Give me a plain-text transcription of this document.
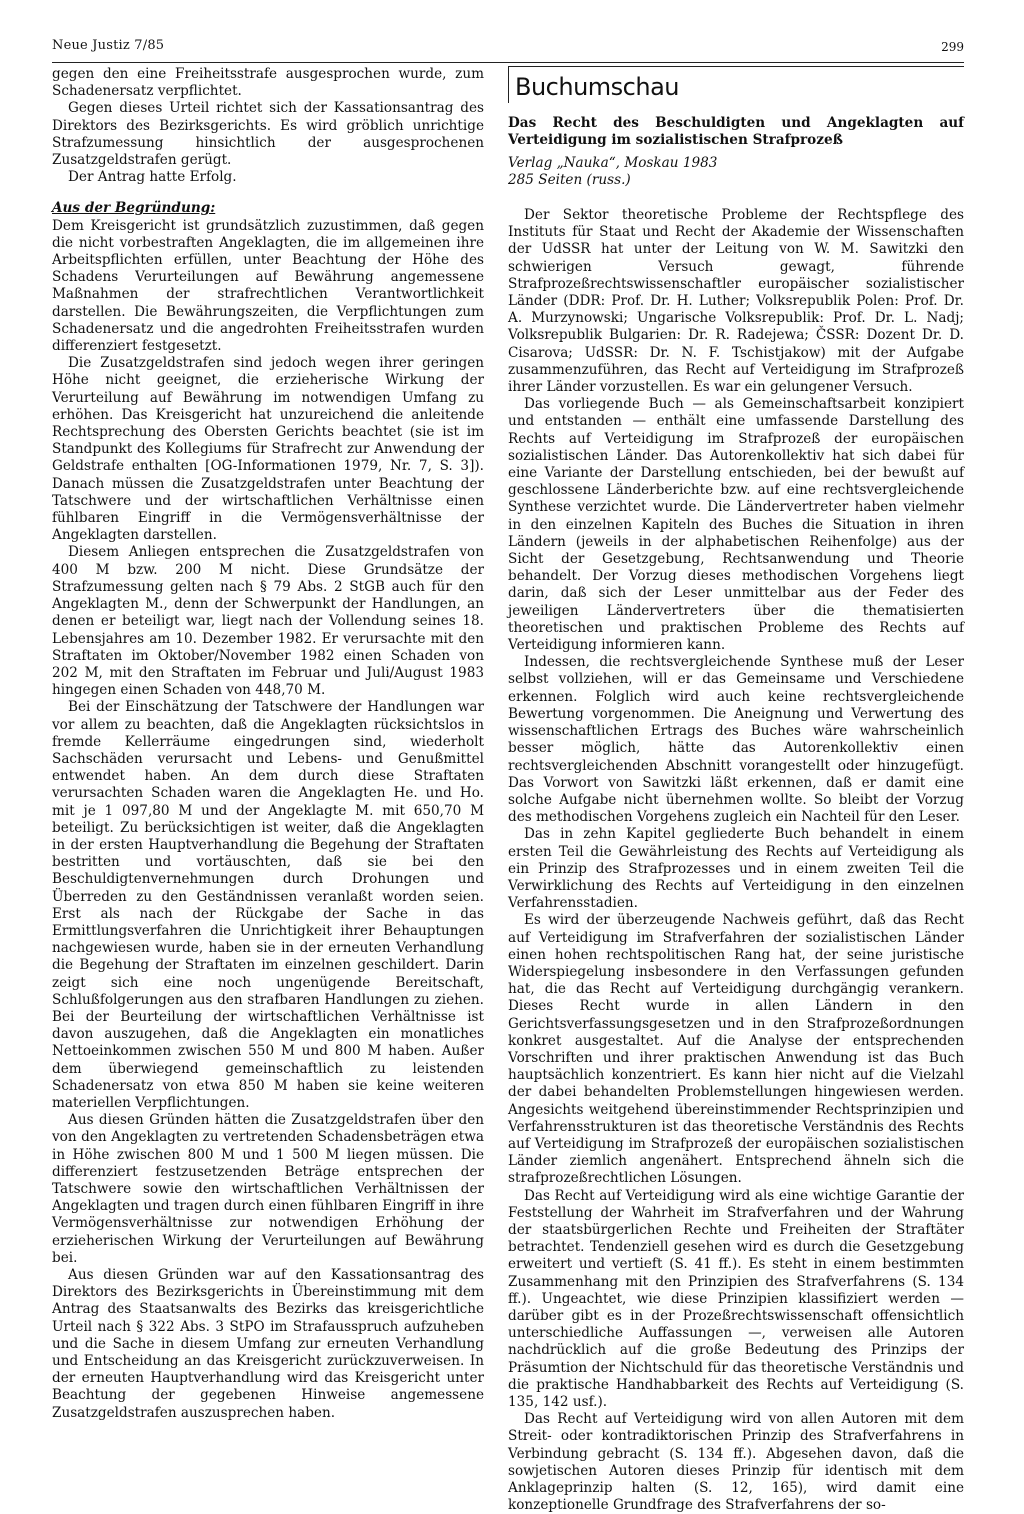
Neue Justiz 7/85	299

gegen den eine Freiheitsstrafe ausgesprochen wurde, zum Schadenersatz verpflichtet.

Gegen dieses Urteil richtet sich der Kassationsantrag des Direktors des Bezirksgerichts. Es wird gröblich unrichtige Strafzumessung hinsichtlich der ausgesprochenen Zusatzgeldstrafen gerügt.

Der Antrag hatte Erfolg.

Aus der Begründung:

Dem Kreisgericht ist grundsätzlich zuzustimmen, daß gegen die nicht vorbestraften Angeklagten, die im allgemeinen ihre Arbeitspflichten erfüllen, unter Beachtung der Höhe des Schadens Verurteilungen auf Bewährung angemessene Maßnahmen der strafrechtlichen Verantwortlichkeit darstellen. Die Bewährungszeiten, die Verpflichtungen zum Schadenersatz und die angedrohten Freiheitsstrafen wurden differenziert festgesetzt.

Die Zusatzgeldstrafen sind jedoch wegen ihrer geringen Höhe nicht geeignet, die erzieherische Wirkung der Verurteilung auf Bewährung im notwendigen Umfang zu erhöhen. Das Kreisgericht hat unzureichend die anleitende Rechtsprechung des Obersten Gerichts beachtet (sie ist im Standpunkt des Kollegiums für Strafrecht zur Anwendung der Geldstrafe enthalten [OG-Informationen 1979, Nr. 7, S. 3]). Danach müssen die Zusatzgeldstrafen unter Beachtung der Tatschwere und der wirtschaftlichen Verhältnisse einen fühlbaren Eingriff in die Vermögensverhältnisse der Angeklagten darstellen.

Diesem Anliegen entsprechen die Zusatzgeldstrafen von 400 M bzw. 200 M nicht. Diese Grundsätze der Strafzumessung gelten nach § 79 Abs. 2 StGB auch für den Angeklagten M., denn der Schwerpunkt der Handlungen, an denen er beteiligt war, liegt nach der Vollendung seines 18. Lebensjahres am 10. Dezember 1982. Er verursachte mit den Straftaten im Oktober/November 1982 einen Schaden von 202 M, mit den Straftaten im Februar und Juli/August 1983 hingegen einen Schaden von 448,70 M.

Bei der Einschätzung der Tatschwere der Handlungen war vor allem zu beachten, daß die Angeklagten rücksichtslos in fremde Kellerräume eingedrungen sind, wiederholt Sachschäden verursacht und Lebens- und Genußmittel entwendet haben. An dem durch diese Straftaten verursachten Schaden waren die Angeklagten He. und Ho. mit je 1 097,80 M und der Angeklagte M. mit 650,70 M beteiligt. Zu berücksichtigen ist weiter, daß die Angeklagten in der ersten Hauptverhandlung die Begehung der Straftaten bestritten und vortäuschten, daß sie bei den Beschuldigtenvernehmungen durch Drohungen und Überreden zu den Geständnissen veranlaßt worden seien. Erst als nach der Rückgabe der Sache in das Ermittlungsverfahren die Unrichtigkeit ihrer Behauptungen nachgewiesen wurde, haben sie in der erneuten Verhandlung die Begehung der Straftaten im einzelnen geschildert. Darin zeigt sich eine noch ungenügende Bereitschaft, Schlußfolgerungen aus den strafbaren Handlungen zu ziehen. Bei der Beurteilung der wirtschaftlichen Verhältnisse ist davon auszugehen, daß die Angeklagten ein monatliches Nettoeinkommen zwischen 550 M und 800 M haben. Außer dem überwiegend gemeinschaftlich zu leistenden Schadenersatz von etwa 850 M haben sie keine weiteren materiellen Verpflichtungen.

Aus diesen Gründen hätten die Zusatzgeldstrafen über den von den Angeklagten zu vertretenden Schadensbeträgen etwa in Höhe zwischen 800 M und 1 500 M liegen müssen. Die differenziert festzusetzenden Beträge entsprechen der Tatschwere sowie den wirtschaftlichen Verhältnissen der Angeklagten und tragen durch einen fühlbaren Eingriff in ihre Vermögensverhältnisse zur notwendigen Erhöhung der erzieherischen Wirkung der Verurteilungen auf Bewährung bei.

Aus diesen Gründen war auf den Kassationsantrag des Direktors des Bezirksgerichts in Übereinstimmung mit dem Antrag des Staatsanwalts des Bezirks das kreisgerichtliche Urteil nach § 322 Abs. 3 StPO im Strafausspruch aufzuheben und die Sache in diesem Umfang zur erneuten Verhandlung und Entscheidung an das Kreisgericht zurückzuverweisen. In der erneuten Hauptverhandlung wird das Kreisgericht unter Beachtung der gegebenen Hinweise angemessene Zusatzgeldstrafen auszusprechen haben.

Buchumschau
Das Recht des Beschuldigten und Angeklagten auf Verteidigung im sozialistischen Strafprozeß
Verlag „Nauka“, Moskau 1983
285 Seiten (russ.)

Der Sektor theoretische Probleme der Rechtspflege des Instituts für Staat und Recht der Akademie der Wissenschaften der UdSSR hat unter der Leitung von W. M. Sawitzki den schwierigen Versuch gewagt, führende Strafprozeßrechtswissenschaftler europäischer sozialistischer Länder (DDR: Prof. Dr. H. Luther; Volksrepublik Polen: Prof. Dr. A. Murzynowski; Ungarische Volksrepublik: Prof. Dr. L. Nadj; Volksrepublik Bulgarien: Dr. R. Radejewa; ČSSR: Dozent Dr. D. Cisarova; UdSSR: Dr. N. F. Tschistjakow) mit der Aufgabe zusammenzuführen, das Recht auf Verteidigung im Strafprozeß ihrer Länder vorzustellen. Es war ein gelungener Versuch.

Das vorliegende Buch — als Gemeinschaftsarbeit konzipiert und entstanden — enthält eine umfassende Darstellung des Rechts auf Verteidigung im Strafprozeß der europäischen sozialistischen Länder. Das Autorenkollektiv hat sich dabei für eine Variante der Darstellung entschieden, bei der bewußt auf geschlossene Länderberichte bzw. auf eine rechtsvergleichende Synthese verzichtet wurde. Die Ländervertreter haben vielmehr in den einzelnen Kapiteln des Buches die Situation in ihren Ländern (jeweils in der alphabetischen Reihenfolge) aus der Sicht der Gesetzgebung, Rechtsanwendung und Theorie behandelt. Der Vorzug dieses methodischen Vorgehens liegt darin, daß sich der Leser unmittelbar aus der Feder des jeweiligen Ländervertreters über die thematisierten theoretischen und praktischen Probleme des Rechts auf Verteidigung informieren kann.

Indessen, die rechtsvergleichende Synthese muß der Leser selbst vollziehen, will er das Gemeinsame und Verschiedene erkennen. Folglich wird auch keine rechtsvergleichende Bewertung vorgenommen. Die Aneignung und Verwertung des wissenschaftlichen Ertrags des Buches wäre wahrscheinlich besser möglich, hätte das Autorenkollektiv einen rechtsvergleichenden Abschnitt vorangestellt oder hinzugefügt. Das Vorwort von Sawitzki läßt erkennen, daß er damit eine solche Aufgabe nicht übernehmen wollte. So bleibt der Vorzug des methodischen Vorgehens zugleich ein Nachteil für den Leser.

Das in zehn Kapitel gegliederte Buch behandelt in einem ersten Teil die Gewährleistung des Rechts auf Verteidigung als ein Prinzip des Strafprozesses und in einem zweiten Teil die Verwirklichung des Rechts auf Verteidigung in den einzelnen Verfahrensstadien.

Es wird der überzeugende Nachweis geführt, daß das Recht auf Verteidigung im Strafverfahren der sozialistischen Länder einen hohen rechtspolitischen Rang hat, der seine juristische Widerspiegelung insbesondere in den Verfassungen gefunden hat, die das Recht auf Verteidigung durchgängig verankern. Dieses Recht wurde in allen Ländern in den Gerichtsverfassungsgesetzen und in den Strafprozeßordnungen konkret ausgestaltet. Auf die Analyse der entsprechenden Vorschriften und ihrer praktischen Anwendung ist das Buch hauptsächlich konzentriert. Es kann hier nicht auf die Vielzahl der dabei behandelten Problemstellungen hingewiesen werden. Angesichts weitgehend übereinstimmender Rechtsprinzipien und Verfahrensstrukturen ist das theoretische Verständnis des Rechts auf Verteidigung im Strafprozeß der europäischen sozialistischen Länder ziemlich angenähert. Entsprechend ähneln sich die strafprozeßrechtlichen Lösungen.

Das Recht auf Verteidigung wird als eine wichtige Garantie der Feststellung der Wahrheit im Strafverfahren und der Wahrung der staatsbürgerlichen Rechte und Freiheiten der Straftäter betrachtet. Tendenziell gesehen wird es durch die Gesetzgebung erweitert und vertieft (S. 41 ff.). Es steht in einem bestimmten Zusammenhang mit den Prinzipien des Strafverfahrens (S. 134 ff.). Ungeachtet, wie diese Prinzipien klassifiziert werden — darüber gibt es in der Prozeßrechtswissenschaft offensichtlich unterschiedliche Auffassungen —, verweisen alle Autoren nachdrücklich auf die große Bedeutung des Prinzips der Präsumtion der Nichtschuld für das theoretische Verständnis und die praktische Handhabbarkeit des Rechts auf Verteidigung (S. 135, 142 usf.).

Das Recht auf Verteidigung wird von allen Autoren mit dem Streit- oder kontradiktorischen Prinzip des Strafverfahrens in Verbindung gebracht (S. 134 ff.). Abgesehen davon, daß die sowjetischen Autoren dieses Prinzip für identisch mit dem Anklageprinzip halten (S. 12, 165), wird damit eine konzeptionelle Grundfrage des Strafverfahrens der so-
